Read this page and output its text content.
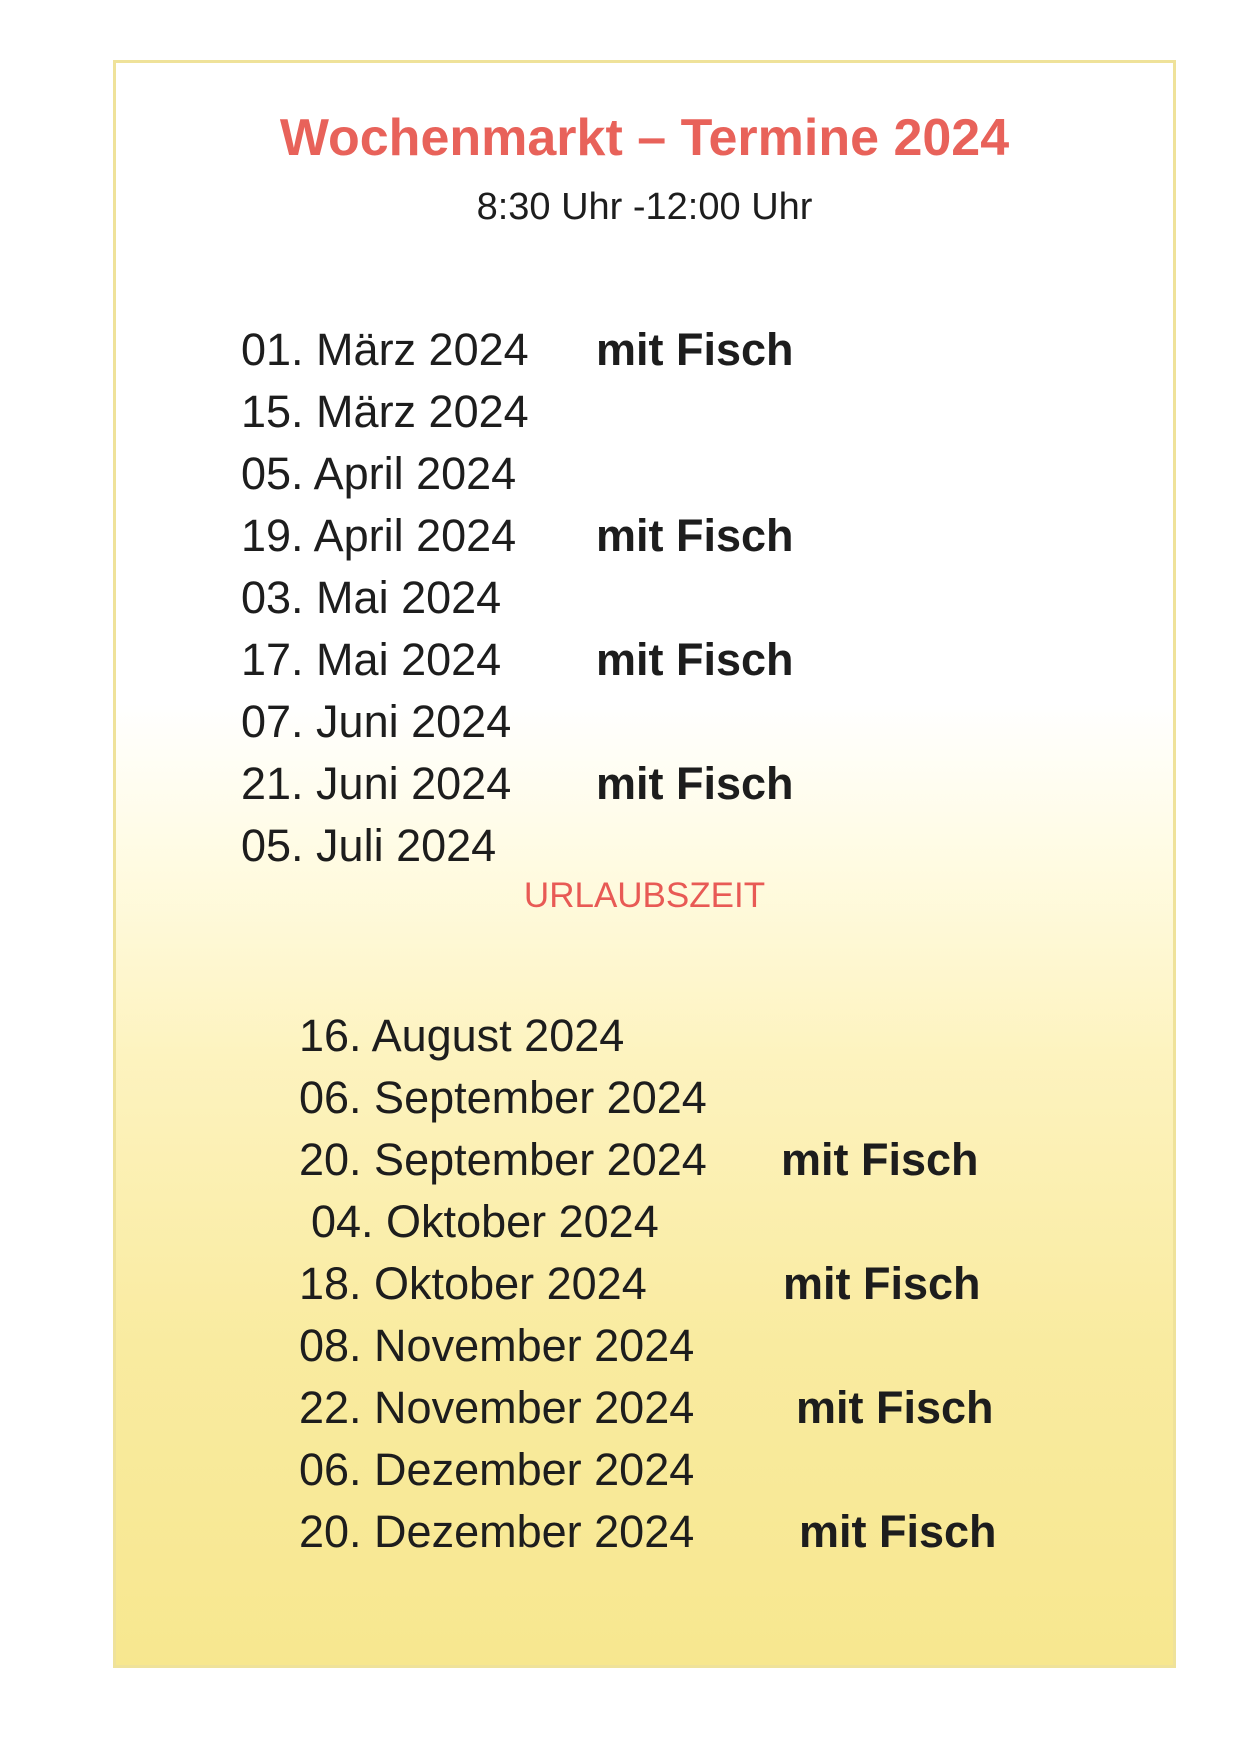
Wochenmarkt – Termine 2024
8:30 Uhr -12:00 Uhr
01. März 2024 mit Fisch
15. März 2024
05. April 2024
19. April 2024 mit Fisch
03. Mai 2024
17. Mai 2024 mit Fisch
07. Juni 2024
21. Juni 2024 mit Fisch
05. Juli 2024
URLAUBSZEIT
16. August 2024
06. September 2024
20. September 2024 mit Fisch
04. Oktober 2024
18. Oktober 2024	mit Fisch
08. November 2024
22. November 2024 mit Fisch
06. Dezember 2024
20. Dezember 2024 mit Fisch
